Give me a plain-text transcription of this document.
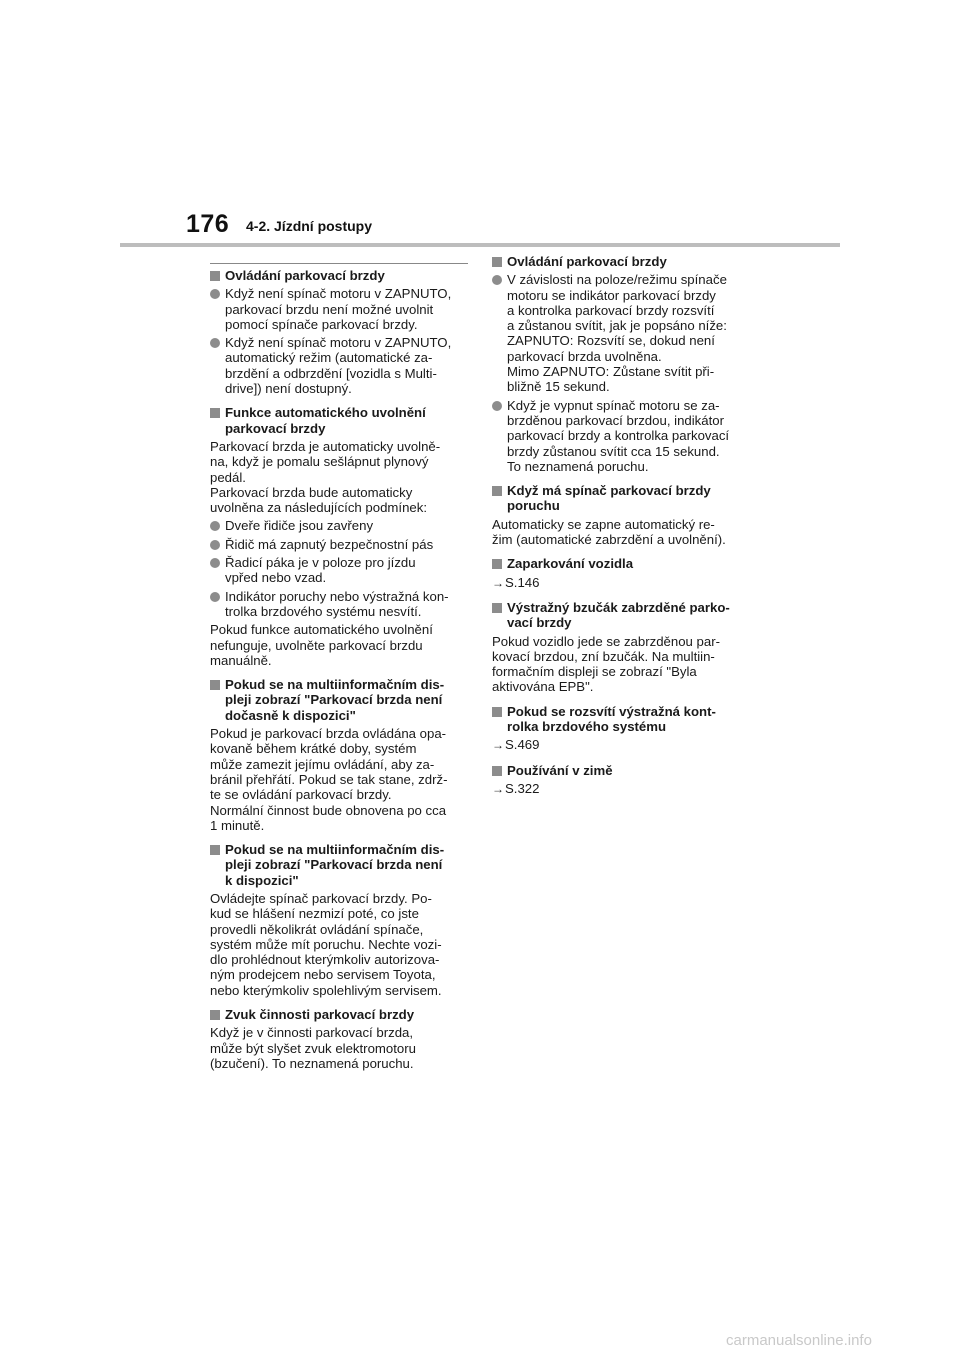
176 4-2. Jízdní postupy
Ovládání parkovací brzdy
Když není spínač motoru v ZAPNUTO,
parkovací brzdu není možné uvolnit
pomocí spínače parkovací brzdy.
Když není spínač motoru v ZAPNUTO,
automatický režim (automatické za-
brzdění a odbrzdění [vozidla s Multi-
drive]) není dostupný.
Funkce automatického uvolnění
parkovací brzdy
Parkovací brzda je automaticky uvolně-
na, když je pomalu sešlápnut plynový
pedál.
Parkovací brzda bude automaticky
uvolněna za následujících podmínek:
Dveře řidiče jsou zavřeny
Řidič má zapnutý bezpečnostní pás
Řadicí páka je v poloze pro jízdu
vpřed nebo vzad.
Indikátor poruchy nebo výstražná kon-
trolka brzdového systému nesvítí.
Pokud funkce automatického uvolnění
nefunguje, uvolněte parkovací brzdu
manuálně.
Pokud se na multiinformačním dis-
pleji zobrazí "Parkovací brzda není
dočasně k dispozici"
Pokud je parkovací brzda ovládána opa-
kovaně během krátké doby, systém
může zamezit jejímu ovládání, aby za-
bránil přehřátí. Pokud se tak stane, zdrž-
te se ovládání parkovací brzdy.
Normální činnost bude obnovena po cca
1 minutě.
Pokud se na multiinformačním dis-
pleji zobrazí "Parkovací brzda není
k dispozici"
Ovládejte spínač parkovací brzdy. Po-
kud se hlášení nezmizí poté, co jste
provedli několikrát ovládání spínače,
systém může mít poruchu. Nechte vozi-
dlo prohlédnout kterýmkoliv autorizova-
ným prodejcem nebo servisem Toyota,
nebo kterýmkoliv spolehlivým servisem.
Zvuk činnosti parkovací brzdy
Když je v činnosti parkovací brzda,
může být slyšet zvuk elektromotoru
(bzučení). To neznamená poruchu.
Ovládání parkovací brzdy
V závislosti na poloze/režimu spínače
motoru se indikátor parkovací brzdy
a kontrolka parkovací brzdy rozsvítí
a zůstanou svítit, jak je popsáno níže:
ZAPNUTO: Rozsvítí se, dokud není
parkovací brzda uvolněna.
Mimo ZAPNUTO: Zůstane svítit při-
bližně 15 sekund.
Když je vypnut spínač motoru se za-
brzděnou parkovací brzdou, indikátor
parkovací brzdy a kontrolka parkovací
brzdy zůstanou svítit cca 15 sekund.
To neznamená poruchu.
Když má spínač parkovací brzdy
poruchu
Automaticky se zapne automatický re-
žim (automatické zabrzdění a uvolnění).
Zaparkování vozidla
→S.146
Výstražný bzučák zabrzděné parko-
vací brzdy
Pokud vozidlo jede se zabrzděnou par-
kovací brzdou, zní bzučák. Na multiin-
formačním displeji se zobrazí "Byla
aktivována EPB".
Pokud se rozsvítí výstražná kont-
rolka brzdového systému
→S.469
Používání v zimě
→S.322
carmanualsonline.info
